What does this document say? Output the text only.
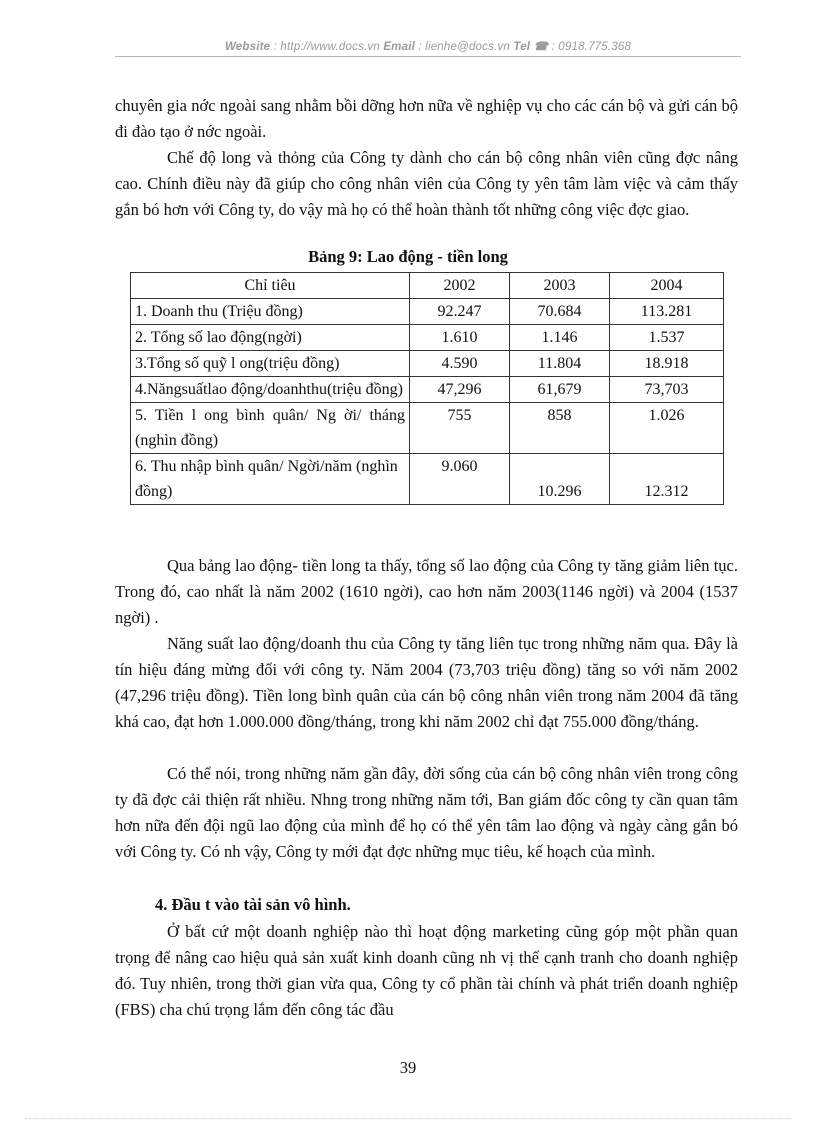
Website : http://www.docs.vn Email : lienhe@docs.vn Tel ☎ : 0918.775.368
chuyên gia nớc ngoài sang nhằm bồi dỡng hơn nữa về nghiệp vụ cho các cán bộ và gửi cán bộ đi đào tạo ở nớc ngoài.
Chế độ long và thỏng của Công ty dành cho cán bộ công nhân viên cũng đợc nâng cao. Chính điều này đã giúp cho công nhân viên của Công ty yên tâm làm việc và cảm thấy gắn bó hơn với Công ty, do vậy mà họ có thể hoàn thành tốt những công việc đợc giao.
Bảng 9: Lao động - tiền long
Chỉ tiêu	2002	2003	2004
1. Doanh thu (Triệu đồng)	92.247	70.684	113.281
2. Tổng số lao động(ngời)	1.610	1.146	1.537
3.Tổng số quỹ l ong(triệu đồng)	4.590	11.804	18.918
4.Năngsuấtlao động/doanhthu(triệu đồng)	47,296	61,679	73,703
5. Tiền l ong bình quân/ Ng ời/ tháng (nghìn đồng)	755	858	1.026
6. Thu nhập bình quân/ Ngời/năm (nghìn đồng)	9.060	10.296	12.312
Qua bảng lao động- tiền long ta thấy, tổng số lao động của Công ty tăng giảm liên tục. Trong đó, cao nhất là năm 2002 (1610 ngời), cao hơn năm 2003(1146 ngời) và 2004 (1537 ngời) .
Năng suất lao động/doanh thu của Công ty tăng liên tục trong những năm qua. Đây là tín hiệu đáng mừng đối với công ty. Năm 2004 (73,703 triệu đồng) tăng so với năm 2002 (47,296 triệu đồng). Tiền long bình quân của cán bộ công nhân viên trong năm 2004 đã tăng khá cao, đạt hơn 1.000.000 đồng/tháng, trong khi năm 2002 chỉ đạt 755.000 đồng/tháng.
Có thể nói, trong những năm gần đây, đời sống của cán bộ công nhân viên trong công ty đã đợc cải thiện rất nhiều. Nhng trong những năm tới, Ban giám đốc công ty cần quan tâm hơn nữa đến đội ngũ lao động của mình để họ có thể yên tâm lao động và ngày càng gắn bó với Công ty. Có nh vậy, Công ty mới đạt đợc những mục tiêu, kế hoạch của mình.
4. Đầu t vào tài sản vô hình.
Ở bất cứ một doanh nghiệp nào thì hoạt động marketing cũng góp một phần quan trọng để nâng cao hiệu quả sản xuất kinh doanh cũng nh vị thế cạnh tranh cho doanh nghiệp đó. Tuy nhiên, trong thời gian vừa qua, Công ty cổ phần tài chính và phát triển doanh nghiệp (FBS) cha chú trọng lắm đến công tác đầu
39
